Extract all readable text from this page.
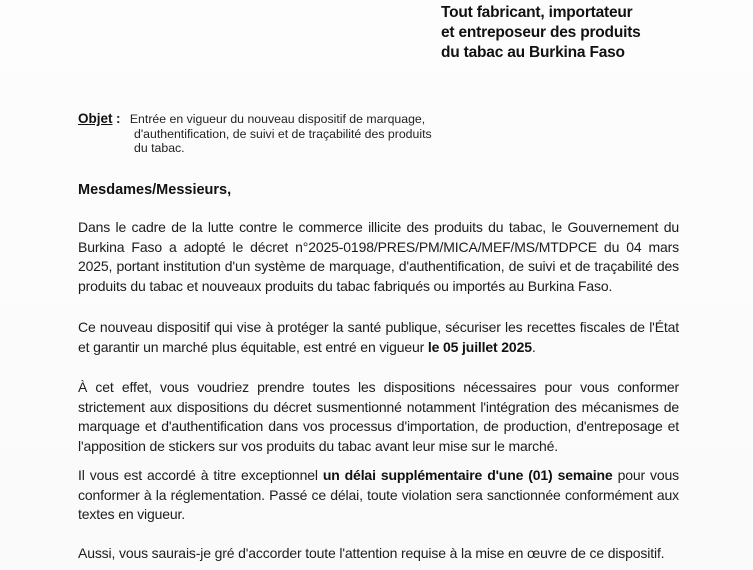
Tout fabricant, importateur
et entreposeur des produits
du tabac au Burkina Faso
Objet : Entrée en vigueur du nouveau dispositif de marquage,
d'authentification, de suivi et de traçabilité des produits
du tabac.
Mesdames/Messieurs,
Dans le cadre de la lutte contre le commerce illicite des produits du tabac, le Gouvernement du Burkina Faso a adopté le décret n°2025-0198/PRES/PM/MICA/MEF/MS/MTDPCE du 04 mars 2025, portant institution d'un système de marquage, d'authentification, de suivi et de traçabilité des produits du tabac et nouveaux produits du tabac fabriqués ou importés au Burkina Faso.
Ce nouveau dispositif qui vise à protéger la santé publique, sécuriser les recettes fiscales de l'État et garantir un marché plus équitable, est entré en vigueur le 05 juillet 2025.
À cet effet, vous voudriez prendre toutes les dispositions nécessaires pour vous conformer strictement aux dispositions du décret susmentionné notamment l'intégration des mécanismes de marquage et d'authentification dans vos processus d'importation, de production, d'entreposage et l'apposition de stickers sur vos produits du tabac avant leur mise sur le marché.
Il vous est accordé à titre exceptionnel un délai supplémentaire d'une (01) semaine pour vous conformer à la réglementation. Passé ce délai, toute violation sera sanctionnée conformément aux textes en vigueur.
Aussi, vous saurais-je gré d'accorder toute l'attention requise à la mise en œuvre de ce dispositif.
